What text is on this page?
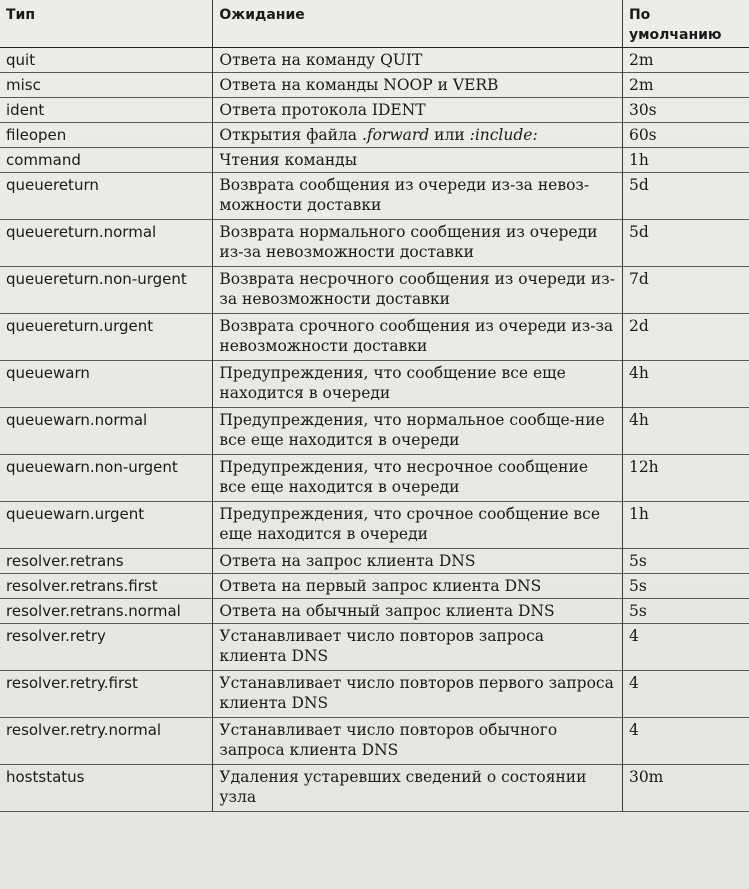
Тип	Ожидание	По умолчанию
quit	Ответа на команду QUIT	2m
misc	Ответа на команды NOOP и VERB	2m
ident	Ответа протокола IDENT	30s
fileopen	Открытия файла .forward или :include:	60s
command	Чтения команды	1h
queuereturn	Возврата сообщения из очереди из-за невоз-можности доставки	5d
queuereturn.normal	Возврата нормального сообщения из очереди из-за невозможности доставки	5d
queuereturn.non-urgent	Возврата несрочного сообщения из очереди из-за невозможности доставки	7d
queuereturn.urgent	Возврата срочного сообщения из очереди из-за невозможности доставки	2d
queuewarn	Предупреждения, что сообщение все еще находится в очереди	4h
queuewarn.normal	Предупреждения, что нормальное сообще-ние все еще находится в очереди	4h
queuewarn.non-urgent	Предупреждения, что несрочное сообщение все еще находится в очереди	12h
queuewarn.urgent	Предупреждения, что срочное сообщение все еще находится в очереди	1h
resolver.retrans	Ответа на запрос клиента DNS	5s
resolver.retrans.first	Ответа на первый запрос клиента DNS	5s
resolver.retrans.normal	Ответа на обычный запрос клиента DNS	5s
resolver.retry	Устанавливает число повторов запроса клиента DNS	4
resolver.retry.first	Устанавливает число повторов первого запроса клиента DNS	4
resolver.retry.normal	Устанавливает число повторов обычного запроса клиента DNS	4
hoststatus	Удаления устаревших сведений о состоянии узла	30m
